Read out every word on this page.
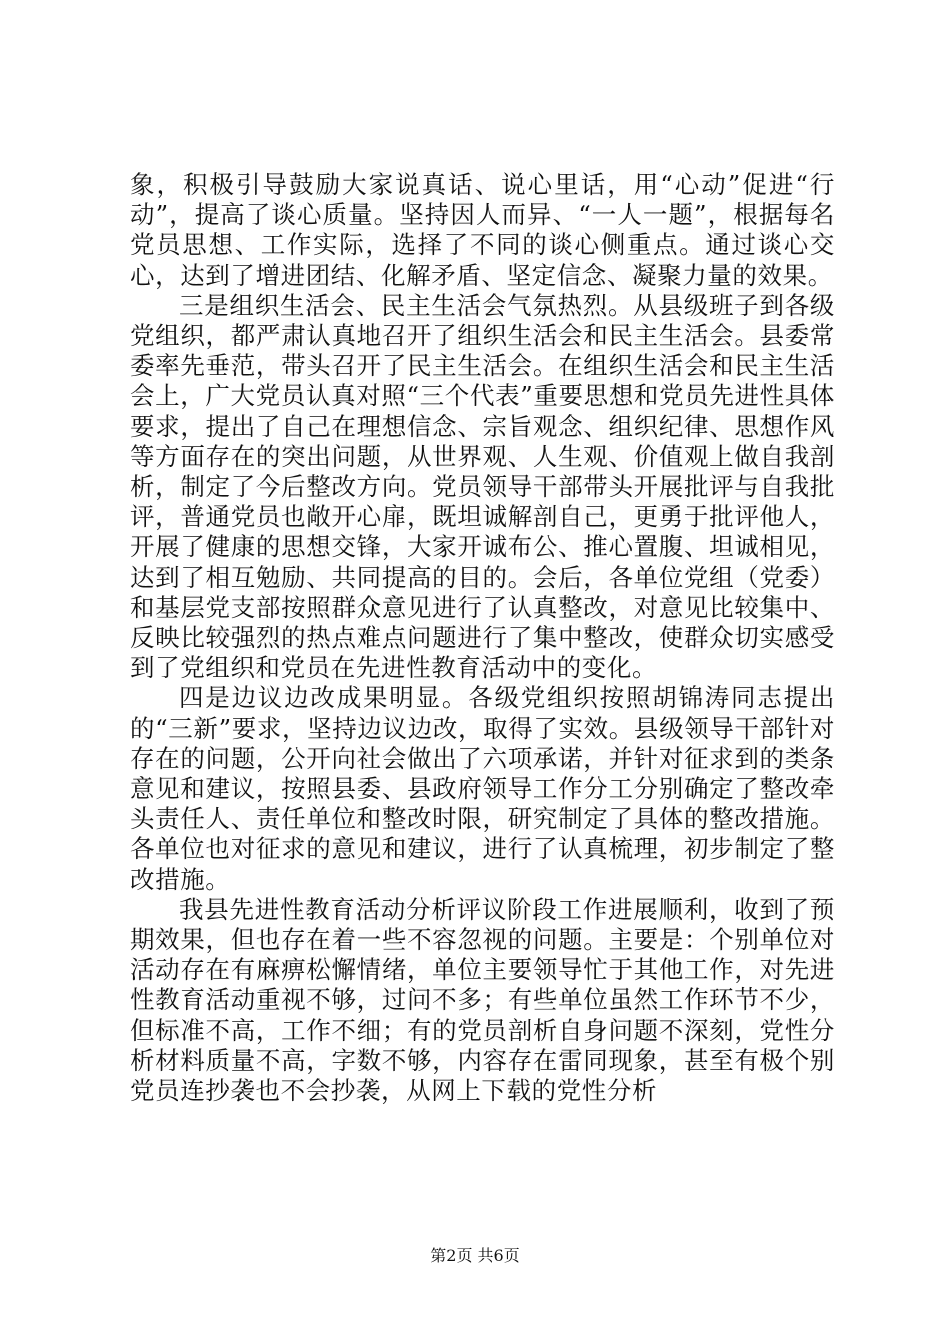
象，积极引导鼓励大家说真话、说心里话，用“心动”促进“行动”，提高了谈心质量。坚持因人而异、“一人一题”，根据每名党员思想、工作实际，选择了不同的谈心侧重点。通过谈心交心，达到了增进团结、化解矛盾、坚定信念、凝聚力量的效果。

三是组织生活会、民主生活会气氛热烈。从县级班子到各级党组织，都严肃认真地召开了组织生活会和民主生活会。县委常委率先垂范，带头召开了民主生活会。在组织生活会和民主生活会上，广大党员认真对照“三个代表”重要思想和党员先进性具体要求，提出了自己在理想信念、宗旨观念、组织纪律、思想作风等方面存在的突出问题，从世界观、人生观、价值观上做自我剖析，制定了今后整改方向。党员领导干部带头开展批评与自我批评，普通党员也敞开心扉，既坦诚解剖自己，更勇于批评他人，开展了健康的思想交锋，大家开诚布公、推心置腹、坦诚相见，达到了相互勉励、共同提高的目的。会后，各单位党组（党委）和基层党支部按照群众意见进行了认真整改，对意见比较集中、反映比较强烈的热点难点问题进行了集中整改，使群众切实感受到了党组织和党员在先进性教育活动中的变化。

四是边议边改成果明显。各级党组织按照胡锦涛同志提出的“三新”要求，坚持边议边改，取得了实效。县级领导干部针对存在的问题，公开向社会做出了六项承诺，并针对征求到的类条意见和建议，按照县委、县政府领导工作分工分别确定了整改牵头责任人、责任单位和整改时限，研究制定了具体的整改措施。各单位也对征求的意见和建议，进行了认真梳理，初步制定了整改措施。

我县先进性教育活动分析评议阶段工作进展顺利，收到了预期效果，但也存在着一些不容忽视的问题。主要是：个别单位对活动存在有麻痹松懈情绪，单位主要领导忙于其他工作，对先进性教育活动重视不够，过问不多；有些单位虽然工作环节不少，但标准不高，工作不细；有的党员剖析自身问题不深刻，党性分析材料质量不高，字数不够，内容存在雷同现象，甚至有极个别党员连抄袭也不会抄袭，从网上下载的党性分析

第2页 共6页
